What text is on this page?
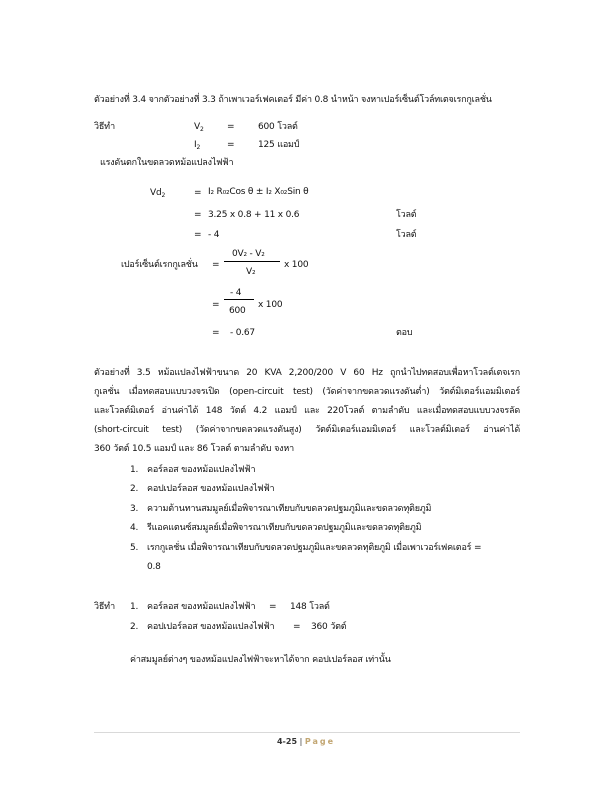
ตัวอย่างที่ 3.4 จากตัวอย่างที่ 3.3 ถ้าเพาเวอร์เฟคเตอร์ มีค่า 0.8 นำหน้า จงหาเปอร์เซ็นต์โวล์ทเตจเรกกูเลชั่น
วิธีทำ	$V_2$	=	600 โวลต์
$I_2$	=	125 แอมป์
แรงดันตกในขดลวดหม้อแปลงไฟฟ้า
$Vd_2$	= I₂ R₀₂Cos θ ± I₂ X₀₂Sin θ
= 3.25 x 0.8 + 11 x 0.6	โวลต์
= - 4	โวลต์
เปอร์เซ็นต์เรกกูเลชั่น =
0V₂ - V₂
V₂
x 100
=
- 4
600
x 100
= - 0.67	ตอบ
ตัวอย่างที่ 3.5 หม้อแปลงไฟฟ้าขนาด 20 KVA 2,200/200 V 60 Hz ถูกนำไปทดสอบเพื่อหาโวลต์เตจเรก
กูเลชั่น เมื่อทดสอบแบบวงจรเปิด (open-circuit test) (วัดค่าจากขดลวดแรงดันต่ำ) วัตต์มิเตอร์แอมมิเตอร์
และโวลต์มิเตอร์ อ่านค่าได้ 148 วัตต์ 4.2 แอมป์ และ 220โวลต์ ตามลำดับ และเมื่อทดสอบแบบวงจรลัด
(short-circuit test) (วัดค่าจากขดลวดแรงดันสูง) วัตต์มิเตอร์แอมมิเตอร์ และโวลต์มิเตอร์ อ่านค่าได้
360 วัตต์ 10.5 แอมป์ และ 86 โวลต์ ตามลำดับ จงหา
1. คอร์ลอส ของหม้อแปลงไฟฟ้า
2. คอปเปอร์ลอส ของหม้อแปลงไฟฟ้า
3. ความต้านทานสมมูลย์เมื่อพิจารณาเทียบกับขดลวดปฐมภูมิและขดลวดทุติยภูมิ
4. รีแอคแตนซ์สมมูลย์เมื่อพิจารณาเทียบกับขดลวดปฐมภูมิและขดลวดทุติยภูมิ
5. เรกกูเลชั่น เมื่อพิจารณาเทียบกับขดลวดปฐมภูมิและขดลวดทุติยภูมิ เมื่อเพาเวอร์เฟคเตอร์ =
0.8
วิธีทำ 1. คอร์ลอส ของหม้อแปลงไฟฟ้า = 148 โวลต์
2. คอปเปอร์ลอส ของหม้อแปลงไฟฟ้า = 360 วัตต์
ค่าสมมูลย์ต่างๆ ของหม้อแปลงไฟฟ้าจะหาได้จาก คอปเปอร์ลอส เท่านั้น
4-25 | Page
